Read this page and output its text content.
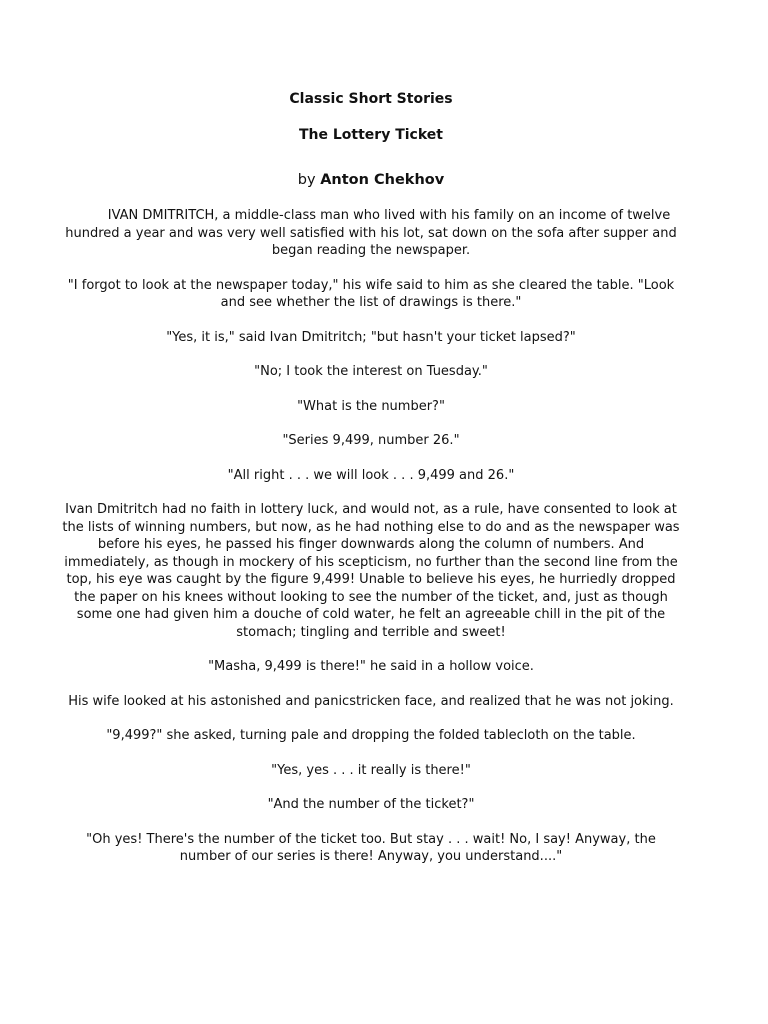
Classic Short Stories
The Lottery Ticket
by Anton Chekhov

IVAN DMITRITCH, a middle-class man who lived with his family on an income of twelve hundred a year and was very well satisfied with his lot, sat down on the sofa after supper and began reading the newspaper.

"I forgot to look at the newspaper today," his wife said to him as she cleared the table. "Look and see whether the list of drawings is there."

"Yes, it is," said Ivan Dmitritch; "but hasn't your ticket lapsed?"

"No; I took the interest on Tuesday."

"What is the number?"

"Series 9,499, number 26."

"All right . . . we will look . . . 9,499 and 26."

Ivan Dmitritch had no faith in lottery luck, and would not, as a rule, have consented to look at the lists of winning numbers, but now, as he had nothing else to do and as the newspaper was before his eyes, he passed his finger downwards along the column of numbers. And immediately, as though in mockery of his scepticism, no further than the second line from the top, his eye was caught by the figure 9,499! Unable to believe his eyes, he hurriedly dropped the paper on his knees without looking to see the number of the ticket, and, just as though some one had given him a douche of cold water, he felt an agreeable chill in the pit of the stomach; tingling and terrible and sweet!

"Masha, 9,499 is there!" he said in a hollow voice.

His wife looked at his astonished and panicstricken face, and realized that he was not joking.

"9,499?" she asked, turning pale and dropping the folded tablecloth on the table.

"Yes, yes . . . it really is there!"

"And the number of the ticket?"

"Oh yes! There's the number of the ticket too. But stay . . . wait! No, I say! Anyway, the number of our series is there! Anyway, you understand...."
